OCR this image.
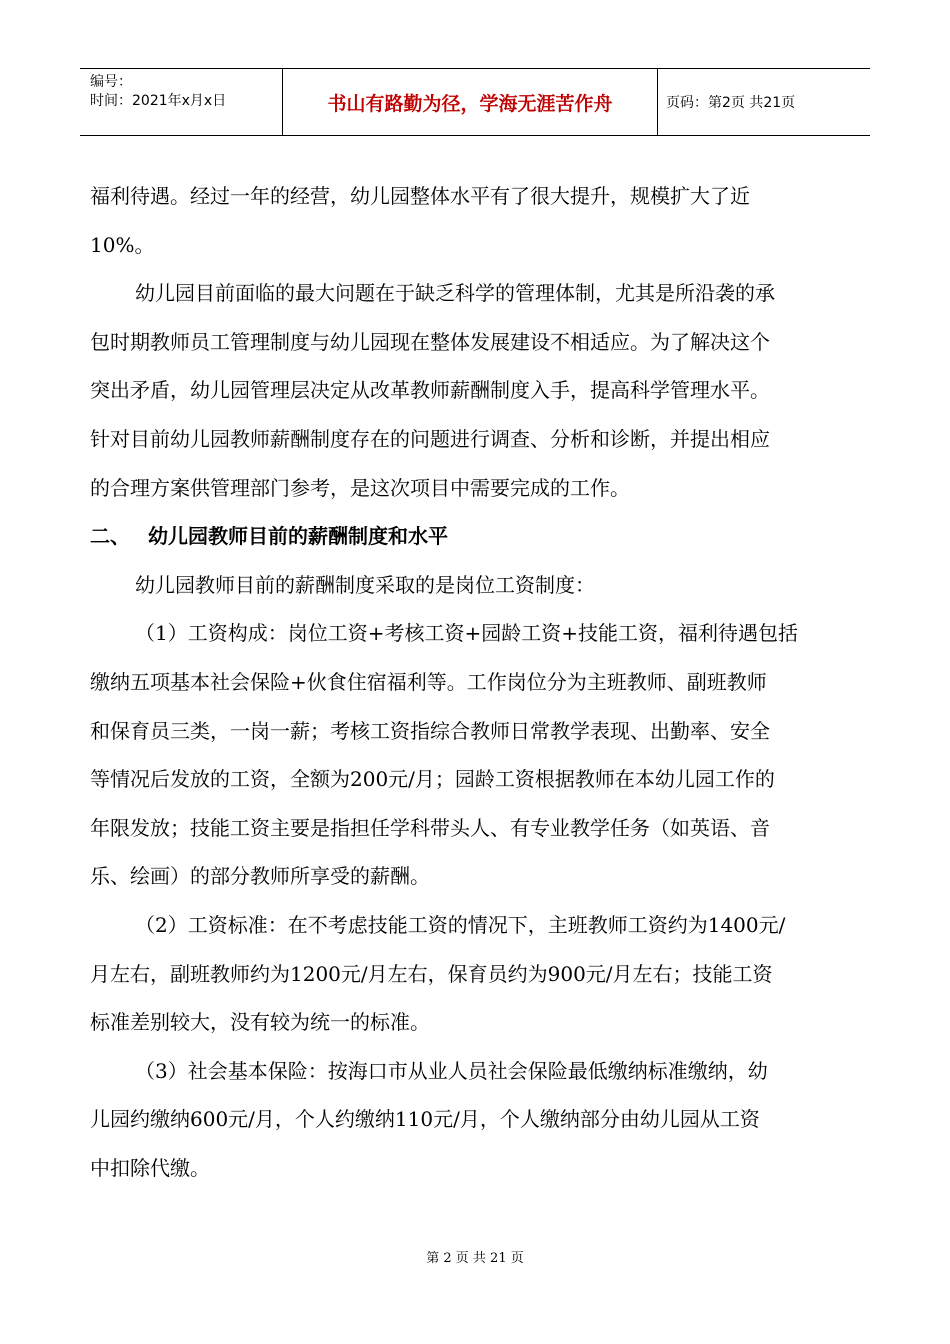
编号：
时间：2021年x月x日	书山有路勤为径，学海无涯苦作舟	页码：第2页 共21页
福利待遇。经过一年的经营，幼儿园整体水平有了很大提升，规模扩大了近
10%。
幼儿园目前面临的最大问题在于缺乏科学的管理体制，尤其是所沿袭的承
包时期教师员工管理制度与幼儿园现在整体发展建设不相适应。为了解决这个
突出矛盾，幼儿园管理层决定从改革教师薪酬制度入手，提高科学管理水平。
针对目前幼儿园教师薪酬制度存在的问题进行调查、分析和诊断，并提出相应
的合理方案供管理部门参考，是这次项目中需要完成的工作。
二、 幼儿园教师目前的薪酬制度和水平
幼儿园教师目前的薪酬制度采取的是岗位工资制度：
（1）工资构成：岗位工资+考核工资+园龄工资+技能工资，福利待遇包括
缴纳五项基本社会保险+伙食住宿福利等。工作岗位分为主班教师、副班教师
和保育员三类，一岗一薪；考核工资指综合教师日常教学表现、出勤率、安全
等情况后发放的工资，全额为200元/月；园龄工资根据教师在本幼儿园工作的
年限发放；技能工资主要是指担任学科带头人、有专业教学任务（如英语、音
乐、绘画）的部分教师所享受的薪酬。
（2）工资标准：在不考虑技能工资的情况下，主班教师工资约为1400元/
月左右，副班教师约为1200元/月左右，保育员约为900元/月左右；技能工资
标准差别较大，没有较为统一的标准。
（3）社会基本保险：按海口市从业人员社会保险最低缴纳标准缴纳，幼
儿园约缴纳600元/月，个人约缴纳110元/月，个人缴纳部分由幼儿园从工资
中扣除代缴。
第 2 页 共 21 页
